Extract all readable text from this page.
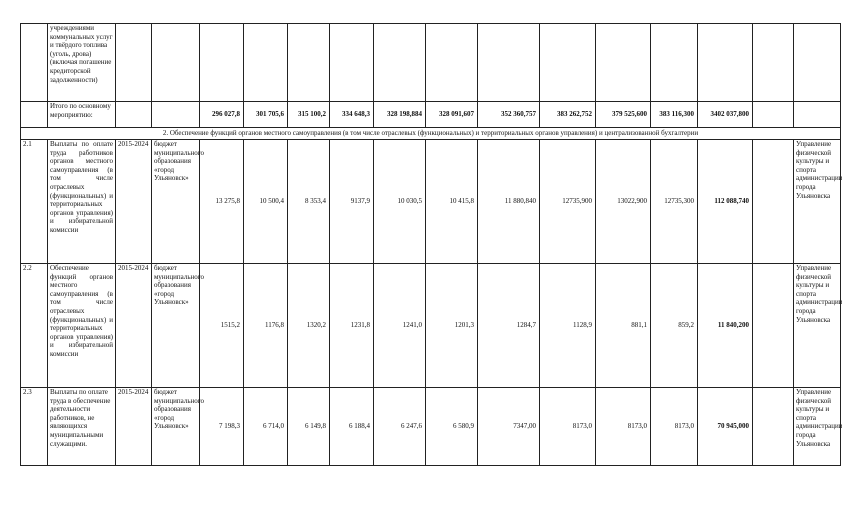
	учреждениями коммунальных услуг и твёрдого топлива (уголь, дрова) (включая погашение кредиторской задолженности)															
	Итого по основному мероприятию:			296 027,8	301 705,6	315 100,2	334 648,3	328 198,884	328 091,607	352 360,757	383 262,752	379 525,600	383 116,300	3402 037,800		
2. Обеспечение функций органов местного самоуправления (в том числе отраслевых (функциональных) и территориальных органов управления) и централизованной бухгалтерии																
2.1	Выплаты по оплате труда работников органов местного самоуправления (в том числе отраслевых (функциональных) и территориальных органов управления) и избирательной комиссии	2015-2024	бюджет муниципального образования «город Ульяновск»	13 275,8	10 500,4	8 353,4	9137,9	10 030,5	10 415,8	11 880,840	12735,900	13022,900	12735,300	112 088,740		Управление физической культуры и спорта администрации города Ульяновска
2.2	Обеспечение функций органов местного самоуправления (в том числе отраслевых (функциональных) и территориальных органов управления) и избирательной комиссии	2015-2024	бюджет муниципального образования «город Ульяновск»	1515,2	1176,8	1320,2	1231,8	1241,0	1201,3	1284,7	1128,9	881,1	859,2	11 840,200		Управление физической культуры и спорта администрации города Ульяновска
2.3	Выплаты по оплате труда в обеспечение деятельности работников, не являющихся муниципальными служащими.	2015-2024	бюджет муниципального образования «город Ульяновск»	7 198,3	6 714,0	6 149,8	6 188,4	6 247,6	6 580,9	7347,00	8173,0	8173,0	8173,0	70 945,000		Управление физической культуры и спорта администрации города Ульяновска
